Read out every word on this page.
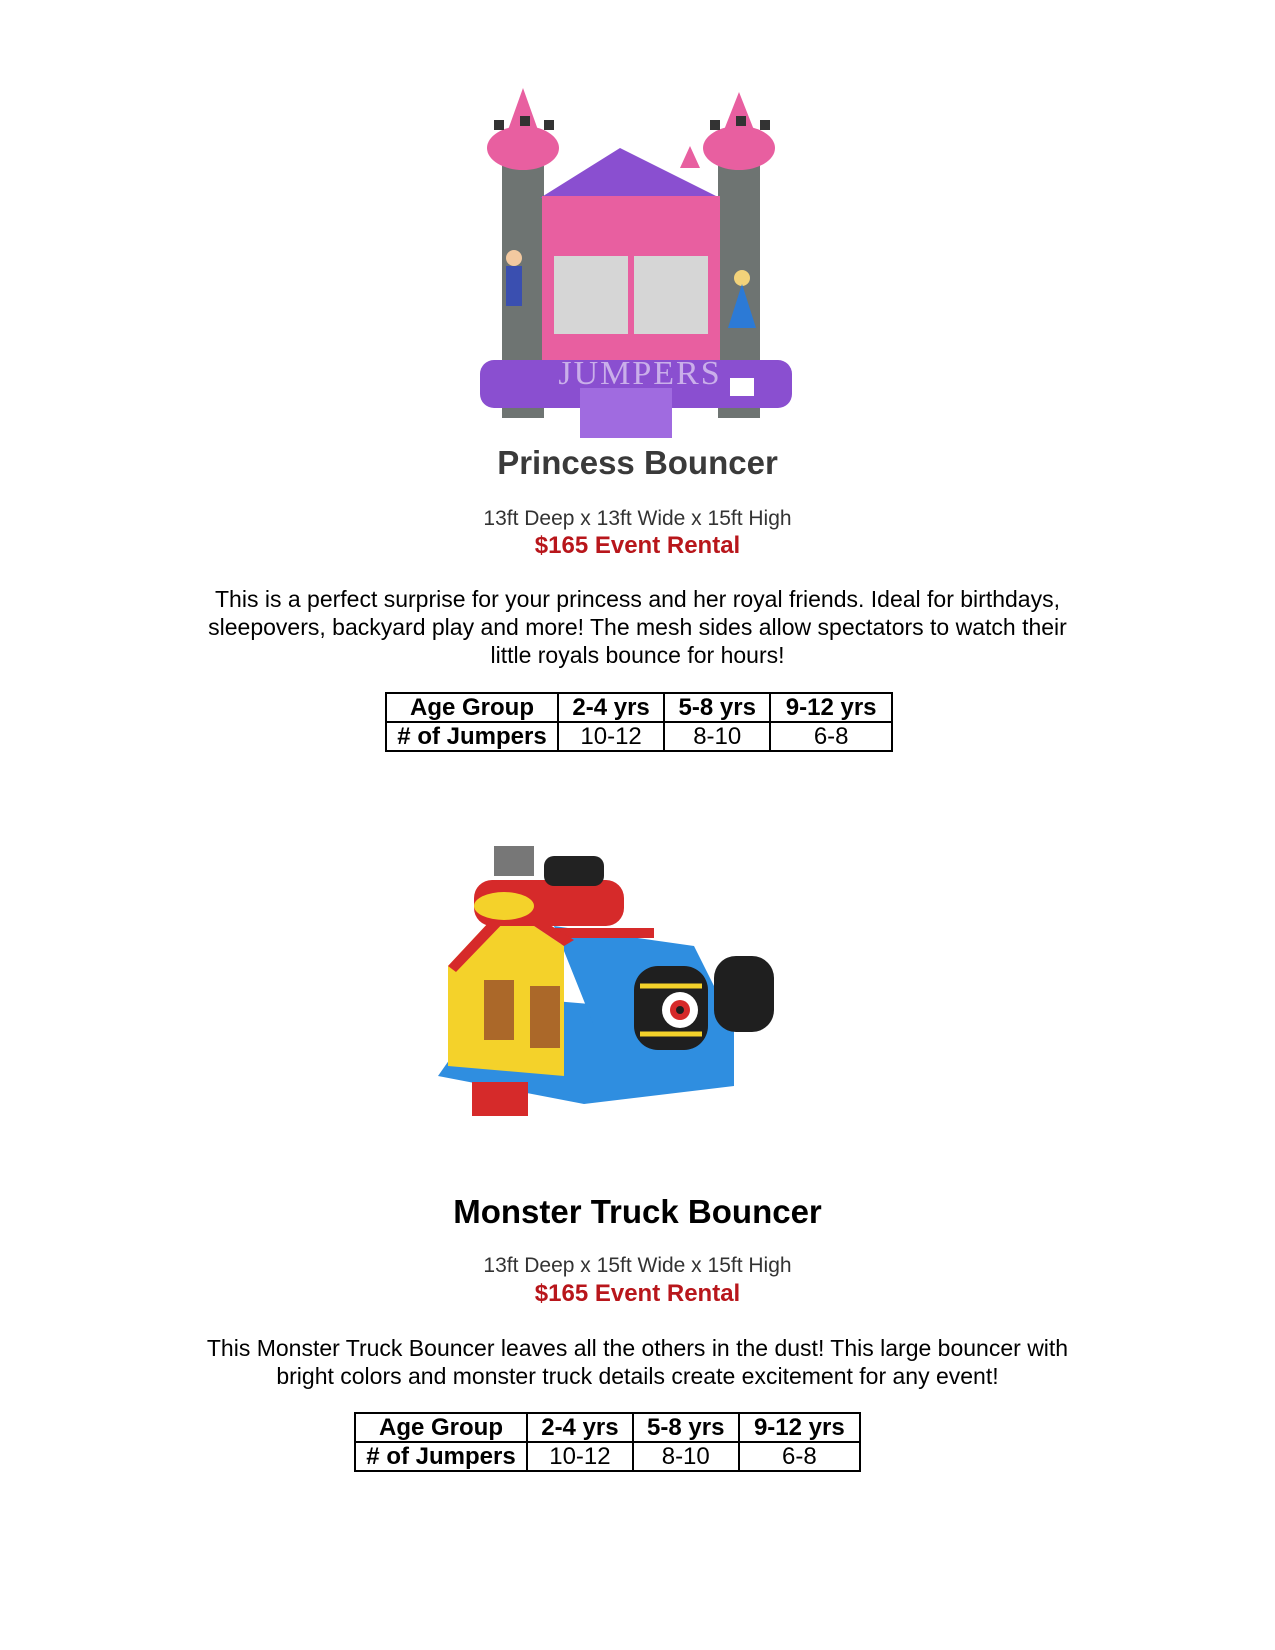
JUMPERS
Princess Bouncer
13ft Deep x 13ft Wide x 15ft High
$165 Event Rental
This is a perfect surprise for your princess and her royal friends. Ideal for birthdays,
sleepovers, backyard play and more! The mesh sides allow spectators to watch their
little royals bounce for hours!
Age Group	2-4 yrs	5-8 yrs	9-12 yrs
# of Jumpers	10-12	8-10	6-8
Monster Truck Bouncer
13ft Deep x 15ft Wide x 15ft High
$165 Event Rental
This Monster Truck Bouncer leaves all the others in the dust! This large bouncer with
bright colors and monster truck details create excitement for any event!
Age Group	2-4 yrs	5-8 yrs	9-12 yrs
# of Jumpers	10-12	8-10	6-8
